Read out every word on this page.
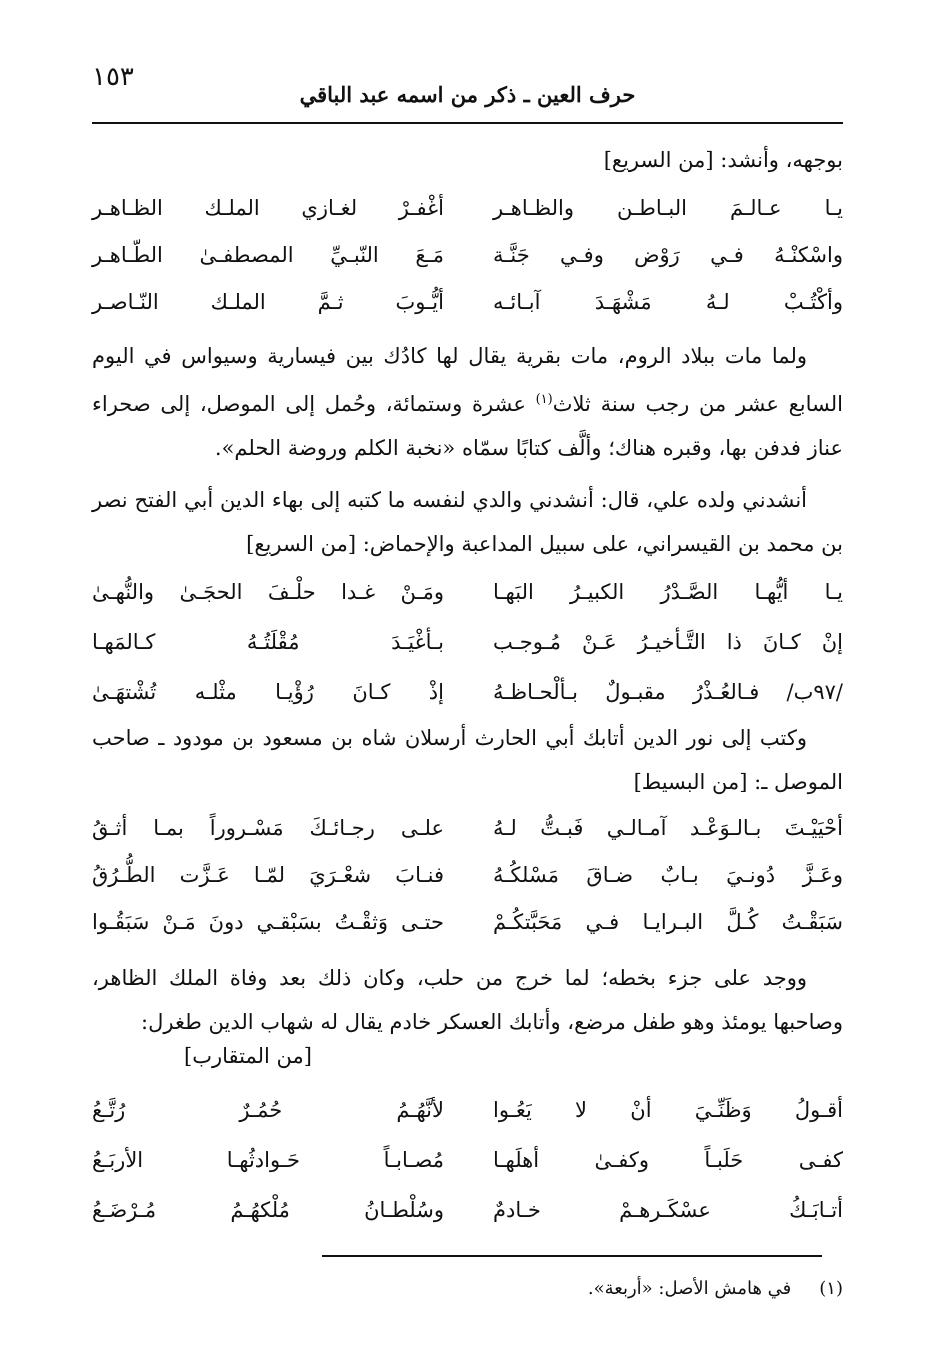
١٥٣
حرف العين ـ ذكر من اسمه عبد الباقي
بوجهه، وأنشد: [من السريع]
يـا عـالـمَ البـاطـن والظـاهـر
أغْفـرْ لغـازي الملـك الظـاهـر
واسْكنْـهُ فـي رَوْض وفـي جَنَّـة
مَـعَ النّبـيِّ المصطفـىٰ الطّـاهـر
وأكْتُـبْ لـهُ مَشْهَـدَ آبـائـه
أيُّـوبَ ثـمَّ الملـك النّـاصـر
ولما مات ببلاد الروم، مات بقرية يقال لها كادُك بين فيسارية وسيواس في اليوم السابع عشر من رجب سنة ثلاث$^{(١)}$ عشرة وستمائة، وحُمل إلى الموصل، إلى صحراء عناز فدفن بها، وقبره هناك؛ وألَّف كتابًا سمّاه «نخبة الكلم وروضة الحلم».
أنشدني ولده علي، قال: أنشدني والدي لنفسه ما كتبه إلى بهاء الدين أبي الفتح نصر بن محمد بن القيسراني، على سبيل المداعبة والإحماض: [من السريع]
يـا أيُّهـا الصَّـدْرُ الكبيـرُ البَهـا
ومَـنْ غـدا حلْـفَ الحجَـىٰ والنُّهـىٰ
إنْ كـانَ ذا التَّـأخيـرُ عَـنْ مُـوجـب
بـأغْيَـدَ مُقْلَتُـهُ كـالمَهـا
/٩٧ب/ فـالعُـذْرُ مقبـولٌ بـألْحـاظـهُ
إذْ كـانَ رُؤْيـا مثْلـه تُشْتهَـىٰ
وكتب إلى نور الدين أتابك أبي الحارث أرسلان شاه بن مسعود بن مودود ـ صاحب الموصل ـ: [من البسيط]
أحْيَيْـتَ بـالـوَعْـد آمـالـي فَبـتُّ لـهُ
علـى رجـائـكَ مَسْـروراً بمـا أثـقُ
وعَـزَّ دُونـيَ بـابٌ ضـاقَ مَسْلكُـهُ
فنـابَ شعْـرَيَ لمّـا عَـزَّت الطُّـرُقُ
سَبَقْـتُ كُـلَّ البـرايـا فـي مَحَبَّتكُـمْ
حتـى وَثقْـتُ بسَبْقـي دونَ مَـنْ سَبَقُـوا
ووجد على جزء بخطه؛ لما خرج من حلب، وكان ذلك بعد وفاة الملك الظاهر، وصاحبها يومئذ وهو طفل مرضع، وأتابك العسكر خادم يقال له شهاب الدين طغرل:
[من المتقارب]
أقـولُ وَظَنِّـيَ أنْ لا يَعُـوا
لأنَّهُـمُ حُمُـرٌ رُتَّـعُ
كفـى حَلَبـاً وكفـىٰ أهلَهـا
مُصـابـاً حَـوادثُهـا الأربَـعُ
أتـابَـكُ عسْكَـرهـمْ خـادمٌ
وسُلْطـانُ مُلْكهُـمُ مُـرْضَـعُ
(١)في هامش الأصل: «أربعة».
